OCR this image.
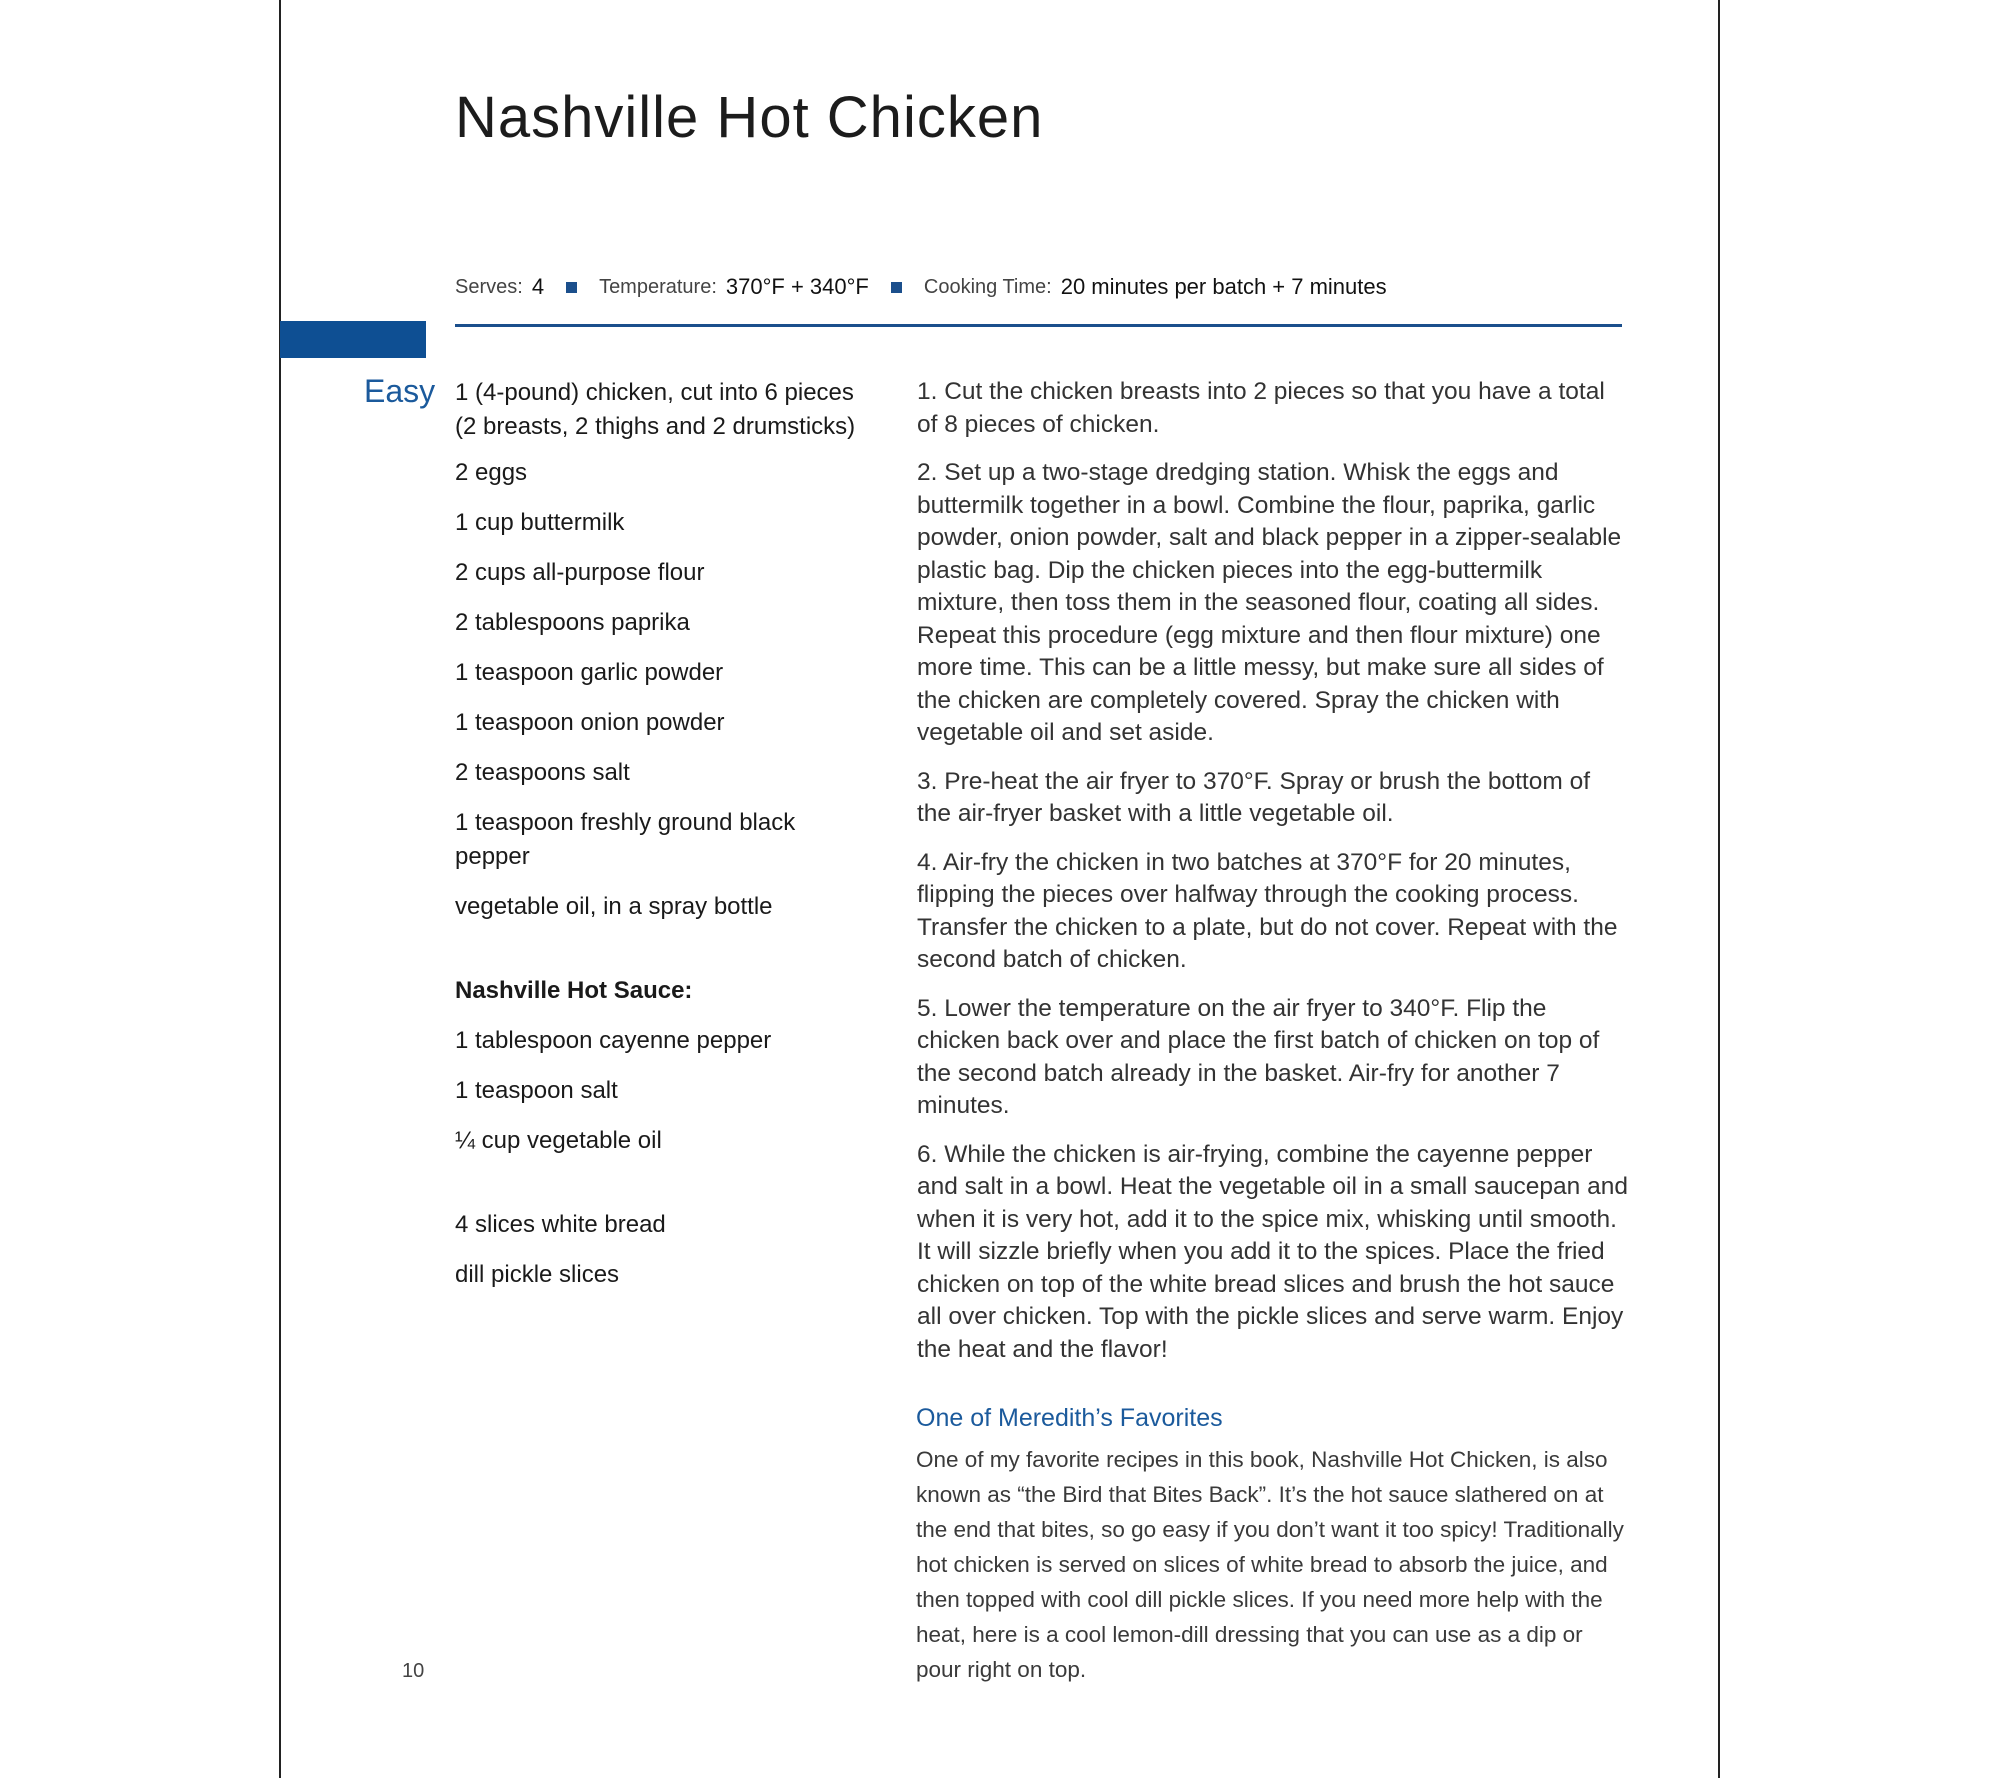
Nashville Hot Chicken
Serves: 4	Temperature: 370°F + 340°F	Cooking Time: 20 minutes per batch + 7 minutes
Easy 1 (4-pound) chicken, cut into 6 pieces (2 breasts, 2 thighs and 2 drumsticks)
2 eggs
1 cup buttermilk
2 cups all-purpose flour
2 tablespoons paprika
1 teaspoon garlic powder
1 teaspoon onion powder
2 teaspoons salt
1 teaspoon freshly ground black pepper
vegetable oil, in a spray bottle
Nashville Hot Sauce:
1 tablespoon cayenne pepper
1 teaspoon salt
¼ cup vegetable oil
4 slices white bread
dill pickle slices
1. Cut the chicken breasts into 2 pieces so that you have a total of 8 pieces of chicken.
2. Set up a two-stage dredging station. Whisk the eggs and buttermilk together in a bowl. Combine the flour, paprika, garlic powder, onion powder, salt and black pepper in a zipper-sealable plastic bag. Dip the chicken pieces into the egg-buttermilk mixture, then toss them in the seasoned flour, coating all sides. Repeat this procedure (egg mixture and then flour mixture) one more time. This can be a little messy, but make sure all sides of the chicken are completely covered. Spray the chicken with vegetable oil and set aside.
3. Pre-heat the air fryer to 370°F. Spray or brush the bottom of the air-fryer basket with a little vegetable oil.
4. Air-fry the chicken in two batches at 370°F for 20 minutes, flipping the pieces over halfway through the cooking process. Transfer the chicken to a plate, but do not cover. Repeat with the second batch of chicken.
5. Lower the temperature on the air fryer to 340°F. Flip the chicken back over and place the first batch of chicken on top of the second batch already in the basket. Air-fry for another 7 minutes.
6. While the chicken is air-frying, combine the cayenne pepper and salt in a bowl. Heat the vegetable oil in a small saucepan and when it is very hot, add it to the spice mix, whisking until smooth. It will sizzle briefly when you add it to the spices. Place the fried chicken on top of the white bread slices and brush the hot sauce all over chicken. Top with the pickle slices and serve warm. Enjoy the heat and the flavor!
One of Meredith’s Favorites
One of my favorite recipes in this book, Nashville Hot Chicken, is also known as “the Bird that Bites Back”. It’s the hot sauce slathered on at the end that bites, so go easy if you don’t want it too spicy! Traditionally hot chicken is served on slices of white bread to absorb the juice, and then topped with cool dill pickle slices. If you need more help with the heat, here is a cool lemon-dill dressing that you can use as a dip or pour right on top.
10
